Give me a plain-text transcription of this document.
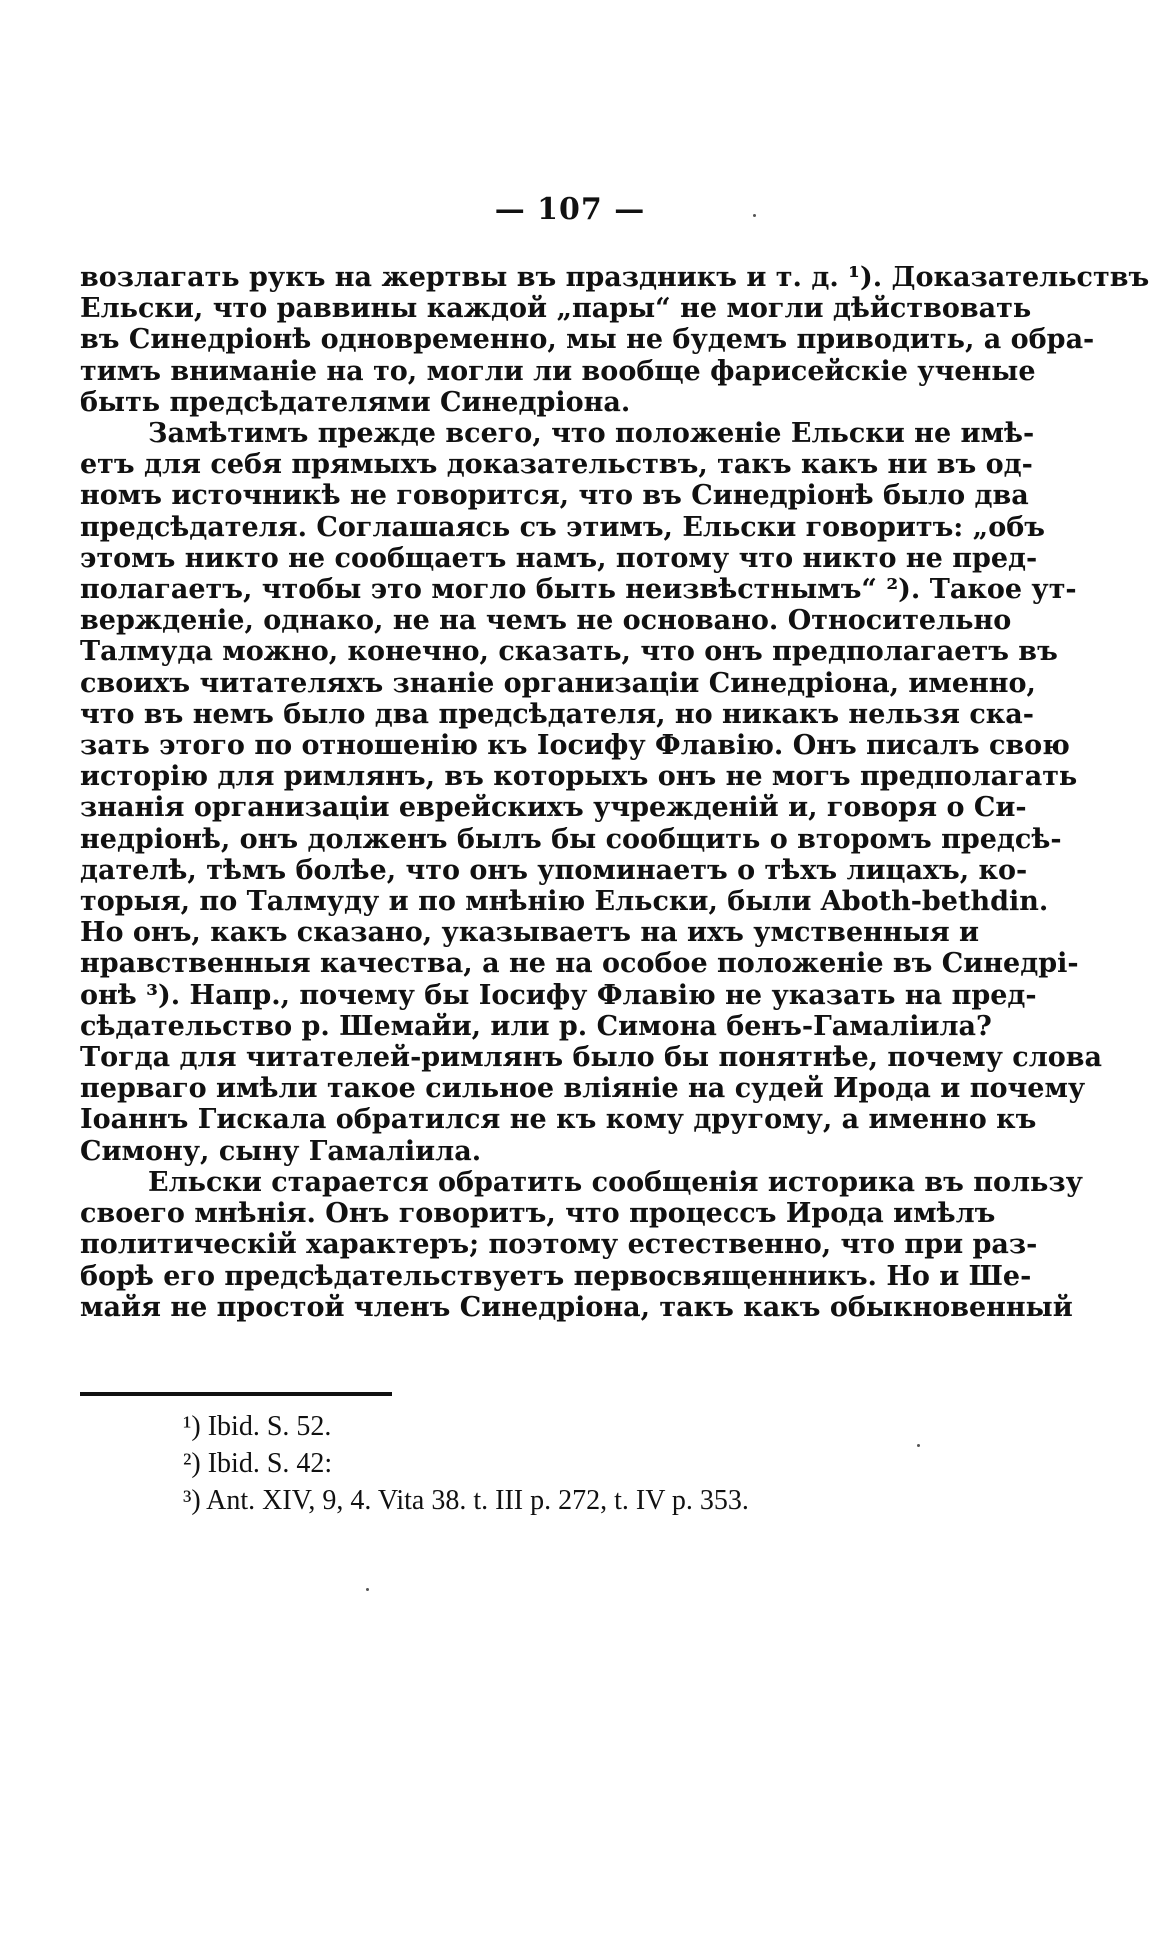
— 107 —
возлагать рукъ на жертвы въ праздникъ и т. д. ¹). Доказательствъ
Ельски, что раввины каждой „пары“ не могли дѣйствовать
въ Синедріонѣ одновременно, мы не будемъ приводить, а обра-
тимъ вниманіе на то, могли ли вообще фарисейскіе ученые
быть предсѣдателями Синедріона.
Замѣтимъ прежде всего, что положеніе Ельски не имѣ-
етъ для себя прямыхъ доказательствъ, такъ какъ ни въ од-
номъ источникѣ не говорится, что въ Синедріонѣ было два
предсѣдателя. Соглашаясь съ этимъ, Ельски говоритъ: „объ
этомъ никто не сообщаетъ намъ, потому что никто не пред-
полагаетъ, чтобы это могло быть неизвѣстнымъ“ ²). Такое ут-
вержденіе, однако, не на чемъ не основано. Относительно
Талмуда можно, конечно, сказать, что онъ предполагаетъ въ
своихъ читателяхъ знаніе организаціи Синедріона, именно,
что въ немъ было два предсѣдателя, но никакъ нельзя ска-
зать этого по отношенію къ Іосифу Флавію. Онъ писалъ свою
исторію для римлянъ, въ которыхъ онъ не могъ предполагать
знанія организаціи еврейскихъ учрежденій и, говоря о Си-
недріонѣ, онъ долженъ былъ бы сообщить о второмъ предсѣ-
дателѣ, тѣмъ болѣе, что онъ упоминаетъ о тѣхъ лицахъ, ко-
торыя, по Талмуду и по мнѣнію Ельски, были Aboth-bethdin.
Но онъ, какъ сказано, указываетъ на ихъ умственныя и
нравственныя качества, а не на особое положеніе въ Синедрі-
онѣ ³). Напр., почему бы Іосифу Флавію не указать на пред-
сѣдательство р. Шемайи, или р. Симона бенъ-Гамаліила?
Тогда для читателей-римлянъ было бы понятнѣе, почему слова
перваго имѣли такое сильное вліяніе на судей Ирода и почему
Іоаннъ Гискала обратился не къ кому другому, а именно къ
Симону, сыну Гамаліила.
Ельски старается обратить сообщенія историка въ пользу
своего мнѣнія. Онъ говоритъ, что процессъ Ирода имѣлъ
политическій характеръ; поэтому естественно, что при раз-
борѣ его предсѣдательствуетъ первосвященникъ. Но и Ше-
майя не простой членъ Синедріона, такъ какъ обыкновенный
¹) Ibid. S. 52.
²) Ibid. S. 42:
³) Ant. XIV, 9, 4. Vita 38. t. III p. 272, t. IV p. 353.
